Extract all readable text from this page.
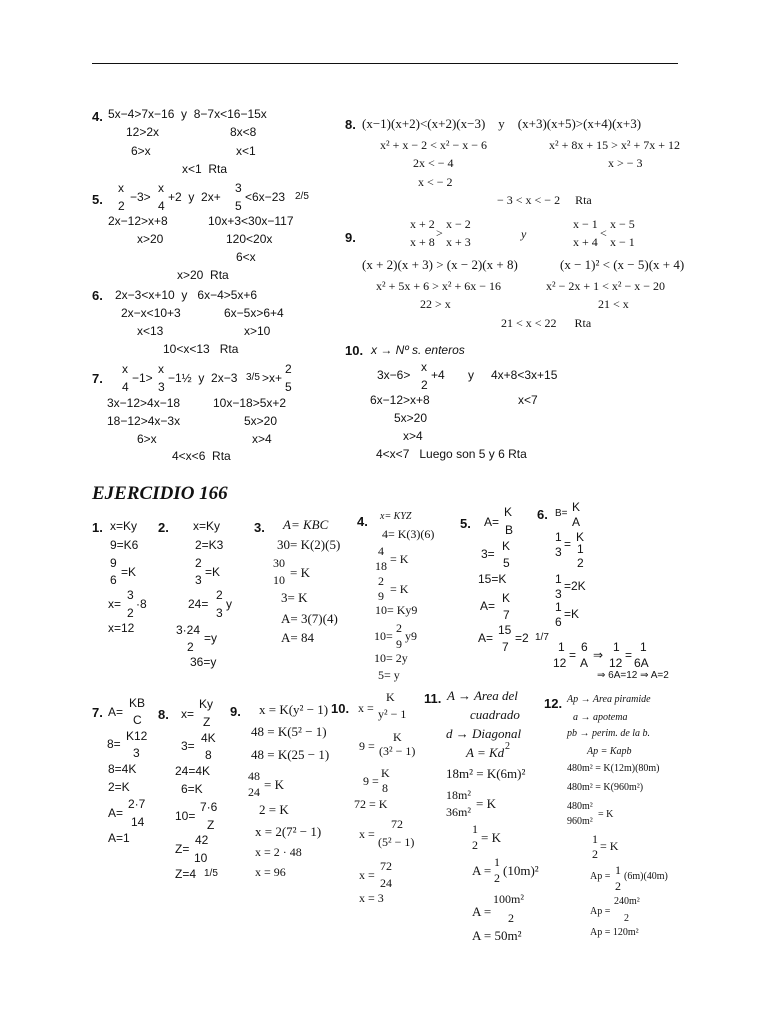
4. 5x−4>7x−16  y  8−7x<16−15x
12>2x	8x<8
6>x	x<1
x<1  Rta
5.
x
2
−3>
x
4
+2  y  2x+
3
5
<6x−23 2/5
2x−12>x+8	10x+3<30x−117
x>20	120<20x
6<x
x>20  Rta
6. 2x−3<x+10  y   6x−4>5x+6
2x−x<10+3	6x−5x>6+4
x<13	x>10
10<x<13   Rta
7.
x
4
−1>
x
3
−1½  y  2x−3 3/5 >x+
2
5
3x−12>4x−18	10x−18>5x+2
18−12>4x−3x	5x>20
6>x	x>4
4<x<6  Rta
8. (x−1)(x+2)<(x+2)(x−3)    y    (x+3)(x+5)>(x+4)(x+3)
x² + x − 2 < x² − x − 6	x² + 8x + 15 > x² + 7x + 12
2x < − 4	x > − 3
x < − 2
− 3 < x < − 2     Rta
9.
x + 2
x + 8
>
x − 2
x + 3
y
x − 1
x + 4
<
x − 5
x − 1
(x + 2)(x + 3) > (x − 2)(x + 8)	(x − 1)² < (x − 5)(x + 4)
x² + 5x + 6 > x² + 6x − 16	x² − 2x + 1 < x² − x − 20
22 > x	21 < x
21 < x < 22      Rta
10. x → Nº s. enteros
3x−6>
x
2
+4 y 4x+8<3x+15
6x−12>x+8	x<7
5x>20
x>4
4<x<7   Luego son 5 y 6 Rta
EJERCIDIO 166
1. x=Ky
9=K6
9
6
=K
x=
3
2
·8
x=12
2. x=Ky
2=K3
2
3
=K
24=
2
3
y
3·24
2
=y
36=y
3. A= KBC
30= K(2)(5)
30
10 = K
3= K
A= 3(7)(4)
A= 84
4. x= KYZ
4= K(3)(6)
4
18 = K
2
9 = K
10= Ky9
10=
2
9
y9
10= 2y
5= y
5. A=
K
B
3=
K
5
15=K
A=
K
7
A=
15
7
=2 1/7
6. B= K
A
1
3
= K
1
2
1
3
=2K
1
6
=K
1
12
=
6
A
⇒
1
12
=
1
6A
⇒ 6A=12 ⇒ A=2
7. A=
KB
C
8=
K12
3
8=4K
2=K
A=
2·7
14
A=1
8. x=
Ky
Z
3=
4K
8
24=4K
6=K
10=
7·6
Z
Z=
42
10
Z=4 1/5
9. x = K(y² − 1)
48 = K(5² − 1)
48 = K(25 − 1)
48
24 = K
2 = K
x = 2(7² − 1)
x = 2 · 48
x = 96
10. x =
K
y² − 1
9 =
K
(3² − 1)
9 =
K
8
72 = K
x =
72
(5² − 1)
x =
72
24
x = 3
11. A → Area del
cuadrado
d → Diagonal
A = Kd 2
18m² = K(6m)²
18m²
36m²
= K
1
2 = K
A =
1
2 (10m)²
A =
100m²
2
A = 50m²
12. Ap → Area piramide
a → apotema
pb → perim. de la b.
Ap = Kapb
480m² = K(12m)(80m)
480m² = K(960m²)
480m²
960m²
= K
1
2
= K
Ap = 1
2
(6m)(40m)
Ap =
240m²
2
Ap = 120m²
